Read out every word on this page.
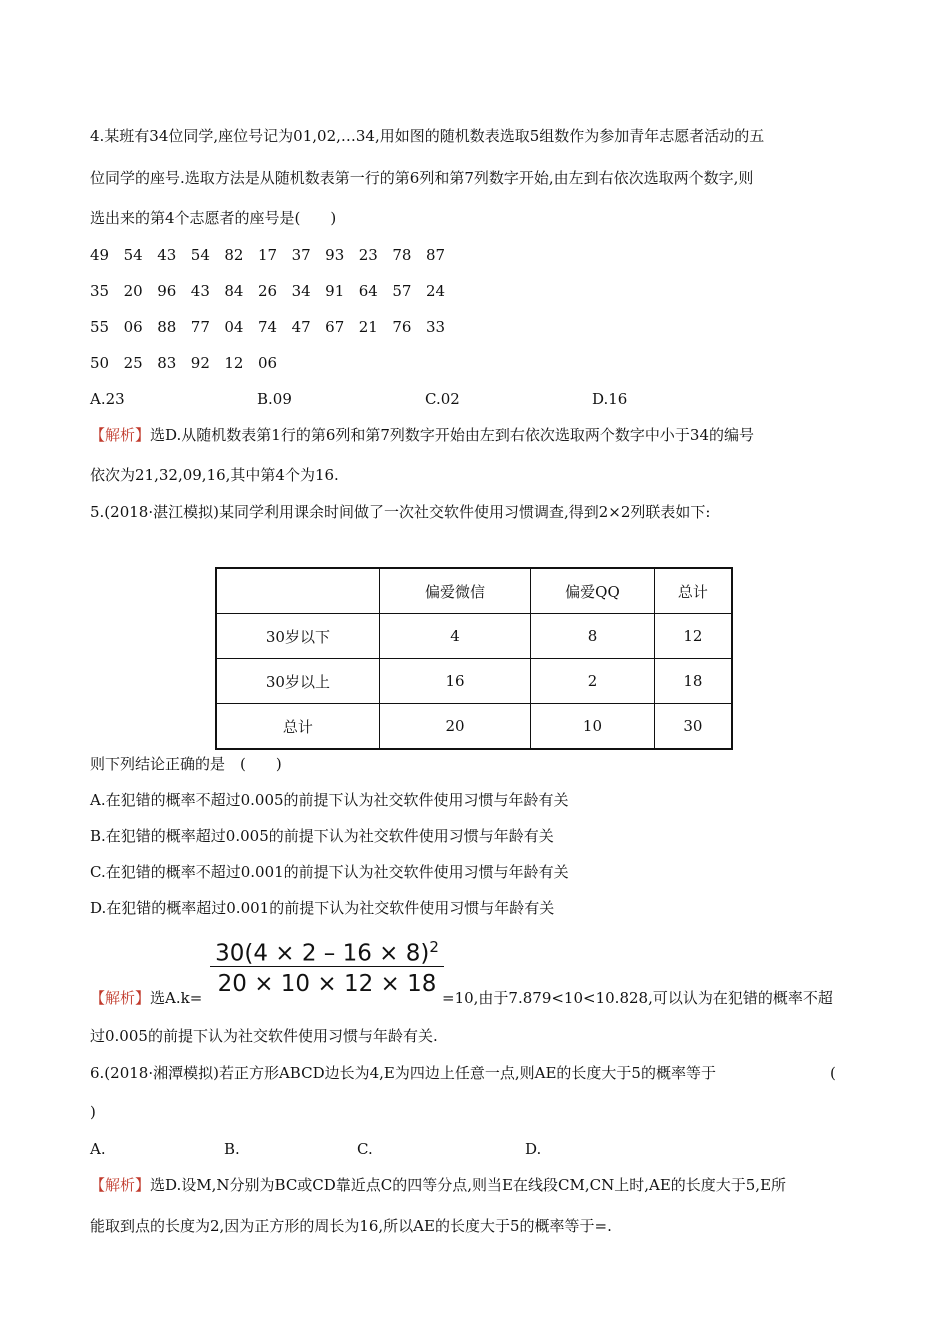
4.某班有34位同学,座位号记为01,02,…34,用如图的随机数表选取5组数作为参加青年志愿者活动的五
位同学的座号.选取方法是从随机数表第一行的第6列和第7列数字开始,由左到右依次选取两个数字,则
选出来的第4个志愿者的座号是(　　)
49 54 43 54 82 17 37 93 23 78 87
35 20 96 43 84 26 34 91 64 57 24
55 06 88 77 04 74 47 67 21 76 33
50 25 83 92 12 06
A.23	B.09	C.02	D.16
【解析】选D.从随机数表第1行的第6列和第7列数字开始由左到右依次选取两个数字中小于34的编号
依次为21,32,09,16,其中第4个为16.
5.(2018·湛江模拟)某同学利用课余时间做了一次社交软件使用习惯调查,得到2×2列联表如下:
	偏爱微信	偏爱QQ	总计
30岁以下	4	8	12
30岁以上	16	2	18
总计	20	10	30
则下列结论正确的是　(　　)
A.在犯错的概率不超过0.005的前提下认为社交软件使用习惯与年龄有关
B.在犯错的概率超过0.005的前提下认为社交软件使用习惯与年龄有关
C.在犯错的概率不超过0.001的前提下认为社交软件使用习惯与年龄有关
D.在犯错的概率超过0.001的前提下认为社交软件使用习惯与年龄有关
$30(4 \times 2 - 16 \times 8)^2$
20 × 10 × 12 × 18
【解析】选A.k=	=10,由于7.879<10<10.828,可以认为在犯错的概率不超
过0.005的前提下认为社交软件使用习惯与年龄有关.
6.(2018·湘潭模拟)若正方形ABCD边长为4,E为四边上任意一点,则AE的长度大于5的概率等于	(
)
A.	B.	C.	D.
【解析】选D.设M,N分别为BC或CD靠近点C的四等分点,则当E在线段CM,CN上时,AE的长度大于5,E所
能取到点的长度为2,因为正方形的周长为16,所以AE的长度大于5的概率等于=.
